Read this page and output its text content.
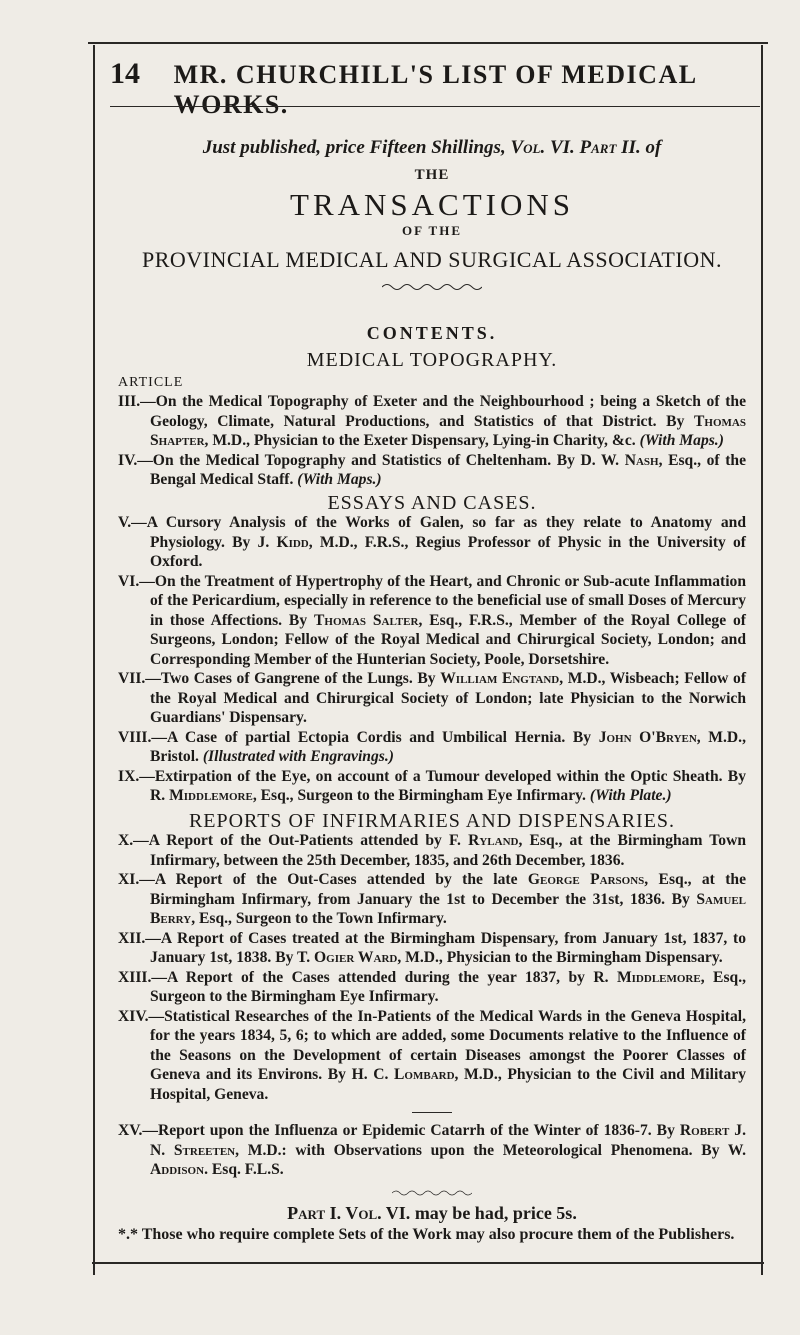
14	MR. CHURCHILL'S LIST OF MEDICAL WORKS.
Just published, price Fifteen Shillings, Vol. VI. Part II. of
THE
TRANSACTIONS
OF THE
PROVINCIAL MEDICAL AND SURGICAL ASSOCIATION.
CONTENTS.
MEDICAL TOPOGRAPHY.
ARTICLE
III.—On the Medical Topography of Exeter and the Neighbourhood ; being a Sketch of the Geology, Climate, Natural Productions, and Statistics of that District. By Thomas Shapter, M.D., Physician to the Exeter Dispensary, Lying-in Charity, &c. (With Maps.)
IV.—On the Medical Topography and Statistics of Cheltenham. By D. W. Nash, Esq., of the Bengal Medical Staff. (With Maps.)
ESSAYS AND CASES.
V.—A Cursory Analysis of the Works of Galen, so far as they relate to Anatomy and Physiology. By J. Kidd, M.D., F.R.S., Regius Professor of Physic in the University of Oxford.
VI.—On the Treatment of Hypertrophy of the Heart, and Chronic or Sub-acute Inflammation of the Pericardium, especially in reference to the beneficial use of small Doses of Mercury in those Affections. By Thomas Salter, Esq., F.R.S., Member of the Royal College of Surgeons, London; Fellow of the Royal Medical and Chirurgical Society, London; and Corresponding Member of the Hunterian Society, Poole, Dorsetshire.
VII.—Two Cases of Gangrene of the Lungs. By William Engtand, M.D., Wisbeach; Fellow of the Royal Medical and Chirurgical Society of London; late Physician to the Norwich Guardians' Dispensary.
VIII.—A Case of partial Ectopia Cordis and Umbilical Hernia. By John O'Bryen, M.D., Bristol. (Illustrated with Engravings.)
IX.—Extirpation of the Eye, on account of a Tumour developed within the Optic Sheath. By R. Middlemore, Esq., Surgeon to the Birmingham Eye Infirmary. (With Plate.)
REPORTS OF INFIRMARIES AND DISPENSARIES.
X.—A Report of the Out-Patients attended by F. Ryland, Esq., at the Birmingham Town Infirmary, between the 25th December, 1835, and 26th December, 1836.
XI.—A Report of the Out-Cases attended by the late George Parsons, Esq., at the Birmingham Infirmary, from January the 1st to December the 31st, 1836. By Samuel Berry, Esq., Surgeon to the Town Infirmary.
XII.—A Report of Cases treated at the Birmingham Dispensary, from January 1st, 1837, to January 1st, 1838. By T. Ogier Ward, M.D., Physician to the Birmingham Dispensary.
XIII.—A Report of the Cases attended during the year 1837, by R. Middlemore, Esq., Surgeon to the Birmingham Eye Infirmary.
XIV.—Statistical Researches of the In-Patients of the Medical Wards in the Geneva Hospital, for the years 1834, 5, 6; to which are added, some Documents relative to the Influence of the Seasons on the Development of certain Diseases amongst the Poorer Classes of Geneva and its Environs. By H. C. Lombard, M.D., Physician to the Civil and Military Hospital, Geneva.
XV.—Report upon the Influenza or Epidemic Catarrh of the Winter of 1836-7. By Robert J. N. Streeten, M.D.: with Observations upon the Meteorological Phenomena. By W. Addison. Esq. F.L.S.
Part I. Vol. VI. may be had, price 5s.
*.* Those who require complete Sets of the Work may also procure them of the Publishers.
